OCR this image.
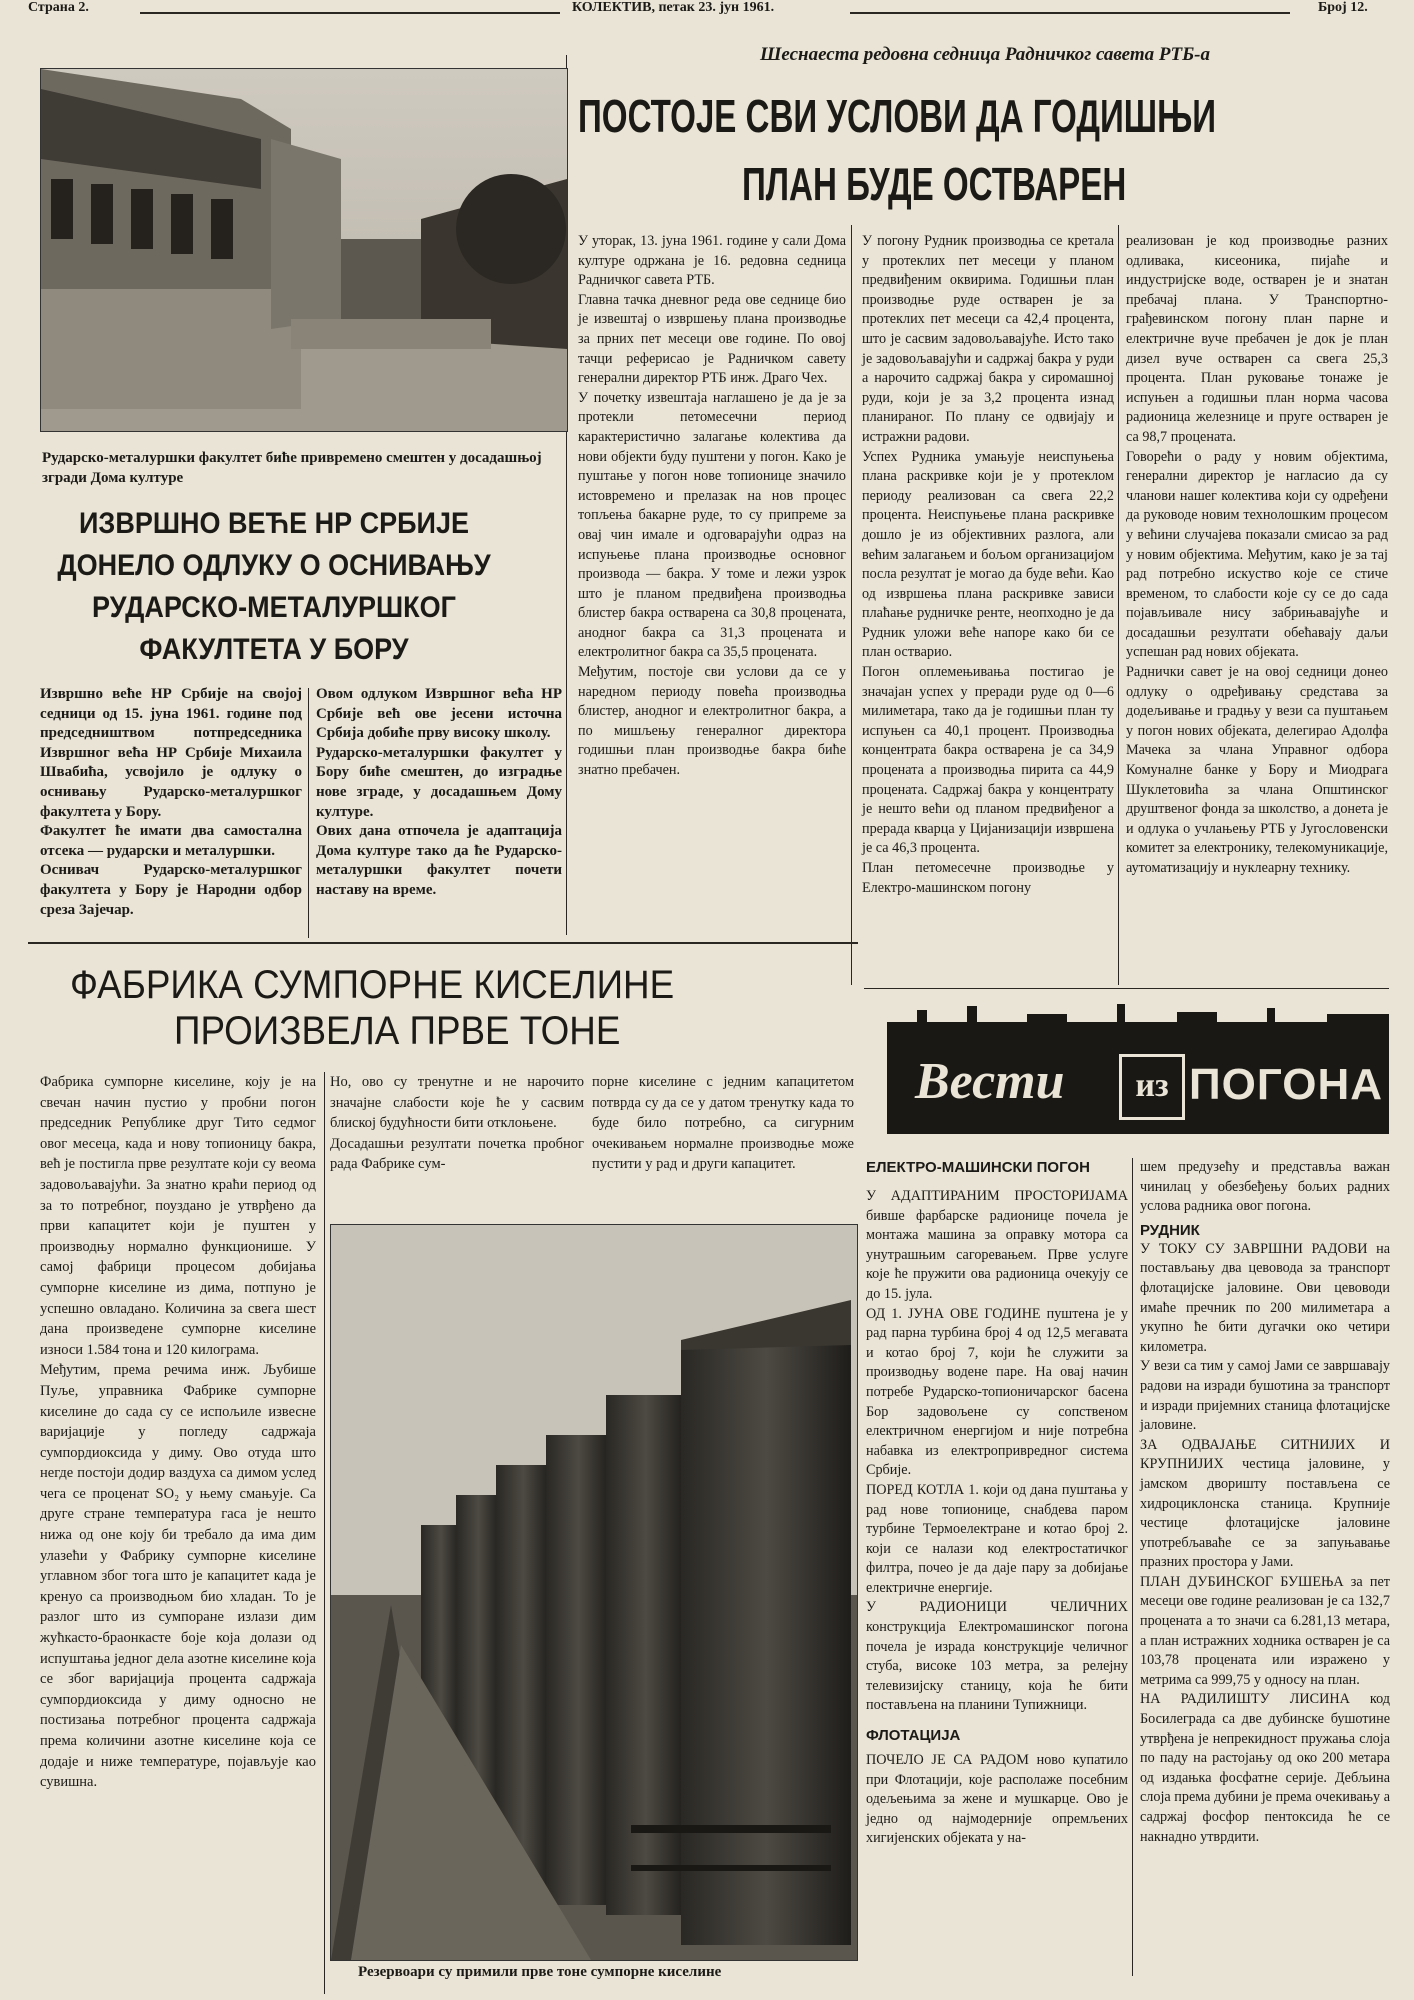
Страна 2.	КОЛЕКТИВ, петак 23. јун 1961.	Број 12.
Рударско-металуршки факултет биће привремено смештен у досадашњој згради Дома културе
ИЗВРШНО ВЕЋЕ НР СРБИЈЕ
ДОНЕЛО ОДЛУКУ О ОСНИВАЊУ
РУДАРСКО-МЕТАЛУРШКОГ
ФАКУЛТЕТА У БОРУ

Извршно веће НР Србије на својој седници од 15. јуна 1961. године под председништвом потпредседника Извршног већа НР Србије Михаила Швабића, усвојило је одлуку о оснивању Рударско-металуршког факултета у Бору.
Факултет ће имати два самостална отсека — рударски и металуршки.
Оснивач Рударско-металуршког факултета у Бору је Народни одбор среза Зајечар.

Овом одлуком Извршног већа НР Србије већ ове јесени источна Србија добиће прву високу школу.
Рударско-металуршки факултет у Бору биће смештен, до изградње нове зграде, у досадашњем Дому културе.
Ових дана отпочела је адаптација Дома културе тако да ће Рударско-металуршки факултет почети наставу на време.

Шеснаеста редовна седница Радничког савета РТБ-а
ПОСТОЈЕ СВИ УСЛОВИ ДА ГОДИШЊИ
ПЛАН БУДЕ ОСТВАРЕН

У уторак, 13. јуна 1961. године у сали Дома културе одржана је 16. редовна седница Радничког савета РТБ.
Главна тачка дневног реда ове седнице био је извештај о извршењу плана производње за прних пет месеци ове године. По овој тачци реферисао је Радничком савету генерални директор РТБ инж. Драго Чех.
У почетку извештаја наглашено је да је за протекли петомесечни период карактеристично залагање колектива да нови објекти буду пуштени у погон. Како је пуштање у погон нове топионице значило истовремено и прелазак на нов процес топљења бакарне руде, то су припреме за овај чин имале и одговарајући одраз на испуњење плана производње основног производа — бакра. У томе и лежи узрок што је планом предвиђена производња блистер бакра остварена са 30,8 процената, анодног бакра са 31,3 процената и електролитног бакра са 35,5 процената.
Међутим, постоје сви услови да се у наредном периоду повећа производња блистер, анодног и електролитног бакра, а по мишљењу генералног директора годишњи план производње бакра биће знатно пребачен.

У погону Рудник производња се кретала у протеклих пет месеци у планом предвиђеним оквирима. Годишњи план производње руде остварен је за протеклих пет месеци са 42,4 процента, што је сасвим задовољавајуће. Исто тако је задовољавајући и садржај бакра у руди а нарочито садржај бакра у сиромашној руди, који је за 3,2 процента изнад планираног. По плану се одвијају и истражни радови.
Успех Рудника умањује неиспуњења плана раскривке који је у протеклом периоду реализован са свега 22,2 процента. Неиспуњење плана раскривке дошло је из објективних разлога, али већим залагањем и бољом организацијом посла резултат је могао да буде већи. Као од извршења плана раскривке зависи плаћање рудничке ренте, неопходно је да Рудник уложи веће напоре како би се план остварио.
Погон оплемењивања постигао је значајан успех у преради руде од 0—6 милиметара, тако да је годишњи план ту испуњен са 40,1 процент. Производња концентрата бакра остварена је са 34,9 процената а производња пирита са 44,9 процената. Садржај бакра у концентрату је нешто већи од планом предвиђеног а прерада кварца у Цијанизацији извршена је са 46,3 процента.
План петомесечне производње у Електро-машинском погону

реализован је код производње разних одливака, кисеоника, пијаће и индустријске воде, остварен је и знатан пребачај плана. У Транспортно-грађевинском погону план парне и електричне вуче пребачен је док је план дизел вуче остварен са свега 25,3 процента. План руковање тонаже је испуњен а годишњи план норма часова радионица железнице и пруге остварен је са 98,7 процената.
Говорећи о раду у новим објектима, генерални директор је нагласио да су чланови нашег колектива који су одређени да руководе новим технолошким процесом у већини случајева показали смисао за рад у новим објектима. Међутим, како је за тај рад потребно искуство које се стиче временом, то слабости које су се до сада појављивале нису забрињавајуће и досадашњи резултати обећавају даљи успешан рад нових објеката.
Раднички савет је на овој седници донео одлуку о одређивању средстава за додељивање и градњу у вези са пуштањем у погон нових објеката, делегирао Адолфа Мачека за члана Управног одбора Комуналне банке у Бору и Миодрага Шуклетовића за члана Општинског друштвеног фонда за школство, а донета је и одлука о учлањењу РТБ у Југословенски комитет за електронику, телекомуникације, аутоматизацију и нуклеарну технику.

ФАБРИКА СУМПОРНЕ КИСЕЛИНЕ
ПРОИЗВЕЛА ПРВЕ ТОНЕ

Фабрика сумпорне киселине, коју је на свечан начин пустио у пробни погон председник Републике друг Тито седмог овог месеца, када и нову топионицу бакра, већ је постигла прве резултате који су веома задовољавајући. За знатно краћи период од за то потребног, поуздано је утврђено да први капацитет који је пуштен у производњу нормално функционише. У самој фабрици процесом добијања сумпорне киселине из дима, потпуно је успешно овладано. Количина за свега шест дана произведене сумпорне киселине износи 1.584 тона и 120 килограма.
Међутим, према речима инж. Љубише Пуље, управника Фабрике сумпорне киселине до сада су се испољиле извесне варијације у погледу садржаја сумпордиоксида у диму. Ово отуда што негде постоји додир ваздуха са димом услед чега се проценат SO₂ у њему смањује. Са друге стране температура гаса је нешто нижа од оне коју би требало да има дим улазећи у Фабрику сумпорне киселине углавном због тога што је капацитет када је кренуо са производњом био хладан. То је разлог што из сумпоране излази дим жућкасто-браонкасте боје која долази од испуштања једног дела азотне киселине која се због варијација процента садржаја сумпордиоксида у диму односно не постизања потребног процента садржаја према количини азотне киселине која се додаје и ниже температуре, појављује као сувишна.

Но, ово су тренутне и не нарочито значајне слабости које ће у сасвим блиској будућности бити отклоњене.
Досадашњи резултати почетка пробног рада Фабрике сум-

порне киселине с једним капацитетом потврда су да се у датом тренутку када то буде било потребно, са сигурним очекивањем нормалне производње може пустити у рад и други капацитет.

Резервоари су примили прве тоне сумпорне киселине
Вести	из ПОГОНА

ЕЛЕКТРО-МАШИНСКИ ПОГОН

У АДАПТИРАНИМ ПРОСТОРИЈАМА бивше фарбарске радионице почела је монтажа машина за оправку мотора са унутрашњим сагоревањем. Прве услуге које ће пружити ова радионица очекују се до 15. јула.
ОД 1. ЈУНА ОВЕ ГОДИНЕ пуштена је у рад парна турбина број 4 од 12,5 мегавата и котао број 7, који ће служити за производњу водене паре. На овај начин потребе Рударско-топионичарског басена Бор задовољене су сопственом електричном енергијом и није потребна набавка из електропривредног система Србије.
ПОРЕД КОТЛА 1. који од дана пуштања у рад нове топионице, снабдева паром турбине Термоелектране и котао број 2. који се налази код електростатичког филтра, почео је да даје пару за добијање електричне енергије.
У РАДИОНИЦИ ЧЕЛИЧНИХ конструкција Електромашинског погона почела је израда конструкције челичног стуба, високе 103 метра, за релејну телевизијску станицу, која ће бити постављена на планини Тупижници.

ФЛОТАЦИЈА

ПОЧЕЛО ЈЕ СА РАДОМ ново купатило при Флотацији, које располаже посебним одељењима за жене и мушкарце. Ово је једно од најмодерније опремљених хигијенских објеката у на-

шем предузећу и представља важан чинилац у обезбеђењу бољих радних услова радника овог погона.

РУДНИК

У ТОКУ СУ ЗАВРШНИ РАДОВИ на постављању два цевовода за транспорт флотацијске јаловине. Ови цевоводи имаће пречник по 200 милиметара а укупно ће бити дугачки око четири километра.
У вези са тим у самој Јами се завршавају радови на изради бушотина за транспорт и изради пријемних станица флотацијске јаловине.
ЗА ОДВАЈАЊЕ СИТНИЈИХ И КРУПНИЈИХ честица јаловине, у јамском дворишту постављена се хидроциклонска станица. Крупније честице флотацијске јаловине употребљаваће се за запуњавање празних простора у Јами.
ПЛАН ДУБИНСКОГ БУШЕЊА за пет месеци ове године реализован је са 132,7 процената а то значи са 6.281,13 метара, а план истражних ходника остварен је са 103,78 процената или изражено у метрима са 999,75 у односу на план.
НА РАДИЛИШТУ ЛИСИНА код Босилеграда са две дубинске бушотине утврђена је непрекидност пружања слоја по паду на растојању од око 200 метара од издањка фосфатне серије. Дебљина слоја према дубини је према очекивању а садржај фосфор пентоксида ће се накнадно утврдити.
